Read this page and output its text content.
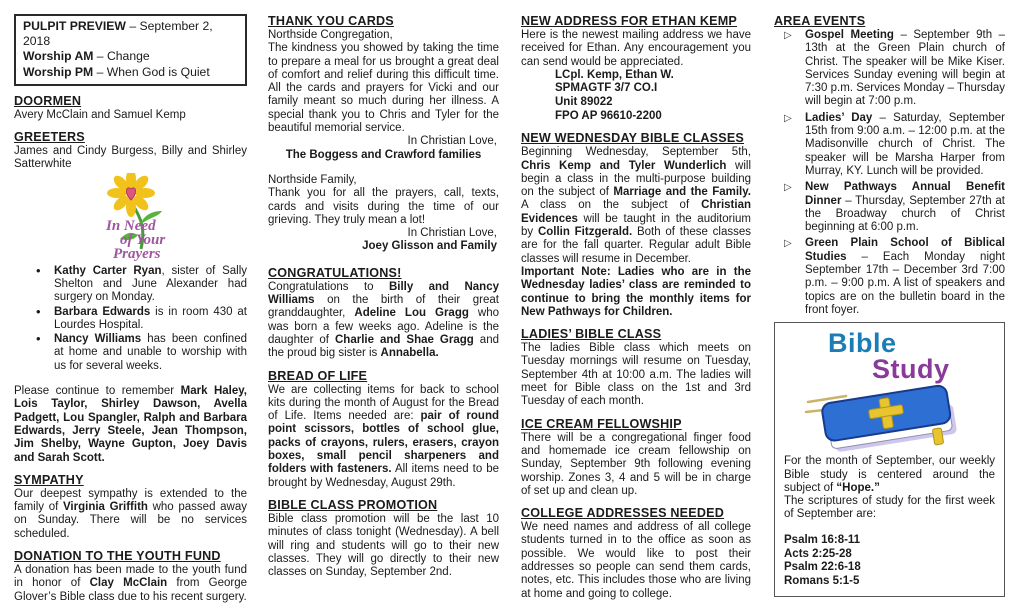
PULPIT PREVIEW – September 2, 2018
Worship AM – Change
Worship PM – When God is Quiet
DOORMEN

Avery McClain and Samuel Kemp

GREETERS

James and Cindy Burgess, Billy and Shirley Satterwhite

In Need
of Your
Prayers
• Kathy Carter Ryan, sister of Sally Shelton and June Alexander had surgery on Monday.
• Barbara Edwards is in room 430 at Lourdes Hospital.
• Nancy Williams has been confined at home and unable to worship with us for several weeks.

Please continue to remember Mark Haley, Lois Taylor, Shirley Dawson, Avella Padgett, Lou Spangler, Ralph and Barbara Edwards, Jerry Steele, Jean Thompson, Jim Shelby, Wayne Gupton, Joey Davis and Sarah Scott.

SYMPATHY

Our deepest sympathy is extended to the family of Virginia Griffith who passed away on Sunday. There will be no services scheduled.

DONATION TO THE YOUTH FUND

A donation has been made to the youth fund in honor of Clay McClain from George Glover’s Bible class due to his recent surgery.

THANK YOU CARDS

Northside Congregation,

The kindness you showed by taking the time to prepare a meal for us brought a great deal of comfort and relief during this difficult time. All the cards and prayers for Vicki and our family meant so much during her illness. A special thank you to Chris and Tyler for the beautiful memorial service.

In Christian Love,

The Boggess and Crawford families

Northside Family,

Thank you for all the prayers, call, texts, cards and visits during the time of our grieving. They truly mean a lot!

In Christian Love,

Joey Glisson and Family

CONGRATULATIONS!

Congratulations to Billy and Nancy Williams on the birth of their great granddaughter, Adeline Lou Gragg who was born a few weeks ago. Adeline is the daughter of Charlie and Shae Gragg and the proud big sister is Annabella.

BREAD OF LIFE

We are collecting items for back to school kits during the month of August for the Bread of Life. Items needed are: pair of round point scissors, bottles of school glue, packs of crayons, rulers, erasers, crayon boxes, small pencil sharpeners and folders with fasteners. All items need to be brought by Wednesday, August 29th.

BIBLE CLASS PROMOTION

Bible class promotion will be the last 10 minutes of class tonight (Wednesday). A bell will ring and students will go to their new classes. They will go directly to their new classes on Sunday, September 2nd.

NEW ADDRESS FOR ETHAN KEMP

Here is the newest mailing address we have received for Ethan. Any encouragement you can send would be appreciated.

LCpl. Kemp, Ethan W.

SPMAGTF 3/7 CO.I

Unit 89022

FPO AP 96610-2200

NEW WEDNESDAY BIBLE CLASSES

Beginning Wednesday, September 5th, Chris Kemp and Tyler Wunderlich will begin a class in the multi-purpose building on the subject of Marriage and the Family. A class on the subject of Christian Evidences will be taught in the auditorium by Collin Fitzgerald. Both of these classes are for the fall quarter. Regular adult Bible classes will resume in December.

Important Note: Ladies who are in the Wednesday ladies’ class are reminded to continue to bring the monthly items for New Pathways for Children.

LADIES’ BIBLE CLASS

The ladies Bible class which meets on Tuesday mornings will resume on Tuesday, September 4th at 10:00 a.m. The ladies will meet for Bible class on the 1st and 3rd Tuesday of each month.

ICE CREAM FELLOWSHIP

There will be a congregational finger food and homemade ice cream fellowship on Sunday, September 9th following evening worship. Zones 3, 4 and 5 will be in charge of set up and clean up.

COLLEGE ADDRESSES NEEDED

We need names and address of all college students turned in to the office as soon as possible. We would like to post their addresses so people can send them cards, notes, etc. This includes those who are living at home and going to college.

AREA EVENTS
▷ Gospel Meeting – September 9th – 13th at the Green Plain church of Christ. The speaker will be Mike Kiser. Services Sunday evening will begin at 7:30 p.m. Services Monday – Thursday will begin at 7:00 p.m.
▷ Ladies’ Day – Saturday, September 15th from 9:00 a.m. – 12:00 p.m. at the Madisonville church of Christ. The speaker will be Marsha Harper from Murray, KY. Lunch will be provided.
▷ New Pathways Annual Benefit Dinner – Thursday, September 27th at the Broadway church of Christ beginning at 6:00 p.m.
▷ Green Plain School of Biblical Studies – Each Monday night September 17th – December 3rd 7:00 p.m. – 9:00 p.m. A list of speakers and topics are on the bulletin board in the front foyer.
Bible
Study

For the month of September, our weekly Bible study is centered around the subject of “Hope.”

The scriptures of study for the first week of September are:

Psalm 16:8-11

Acts 2:25-28

Psalm 22:6-18

Romans 5:1-5
